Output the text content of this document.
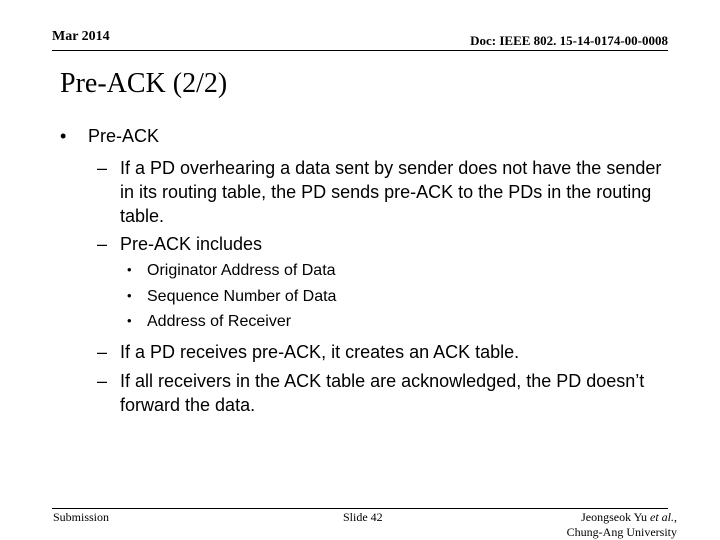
Mar 2014	Doc: IEEE 802. 15-14-0174-00-0008
Pre-ACK (2/2)
• Pre-ACK
– If a PD overhearing a data sent by sender does not have the sender in its routing table, the PD sends pre-ACK to the PDs in the routing table.
– Pre-ACK includes
• Originator Address of Data
• Sequence Number of Data
• Address of Receiver
– If a PD receives pre-ACK, it creates an ACK table.
– If all receivers in the ACK table are acknowledged, the PD doesn’t forward the data.
Submission	Slide 42	Jeongseok Yu et al.,
Chung-Ang University
